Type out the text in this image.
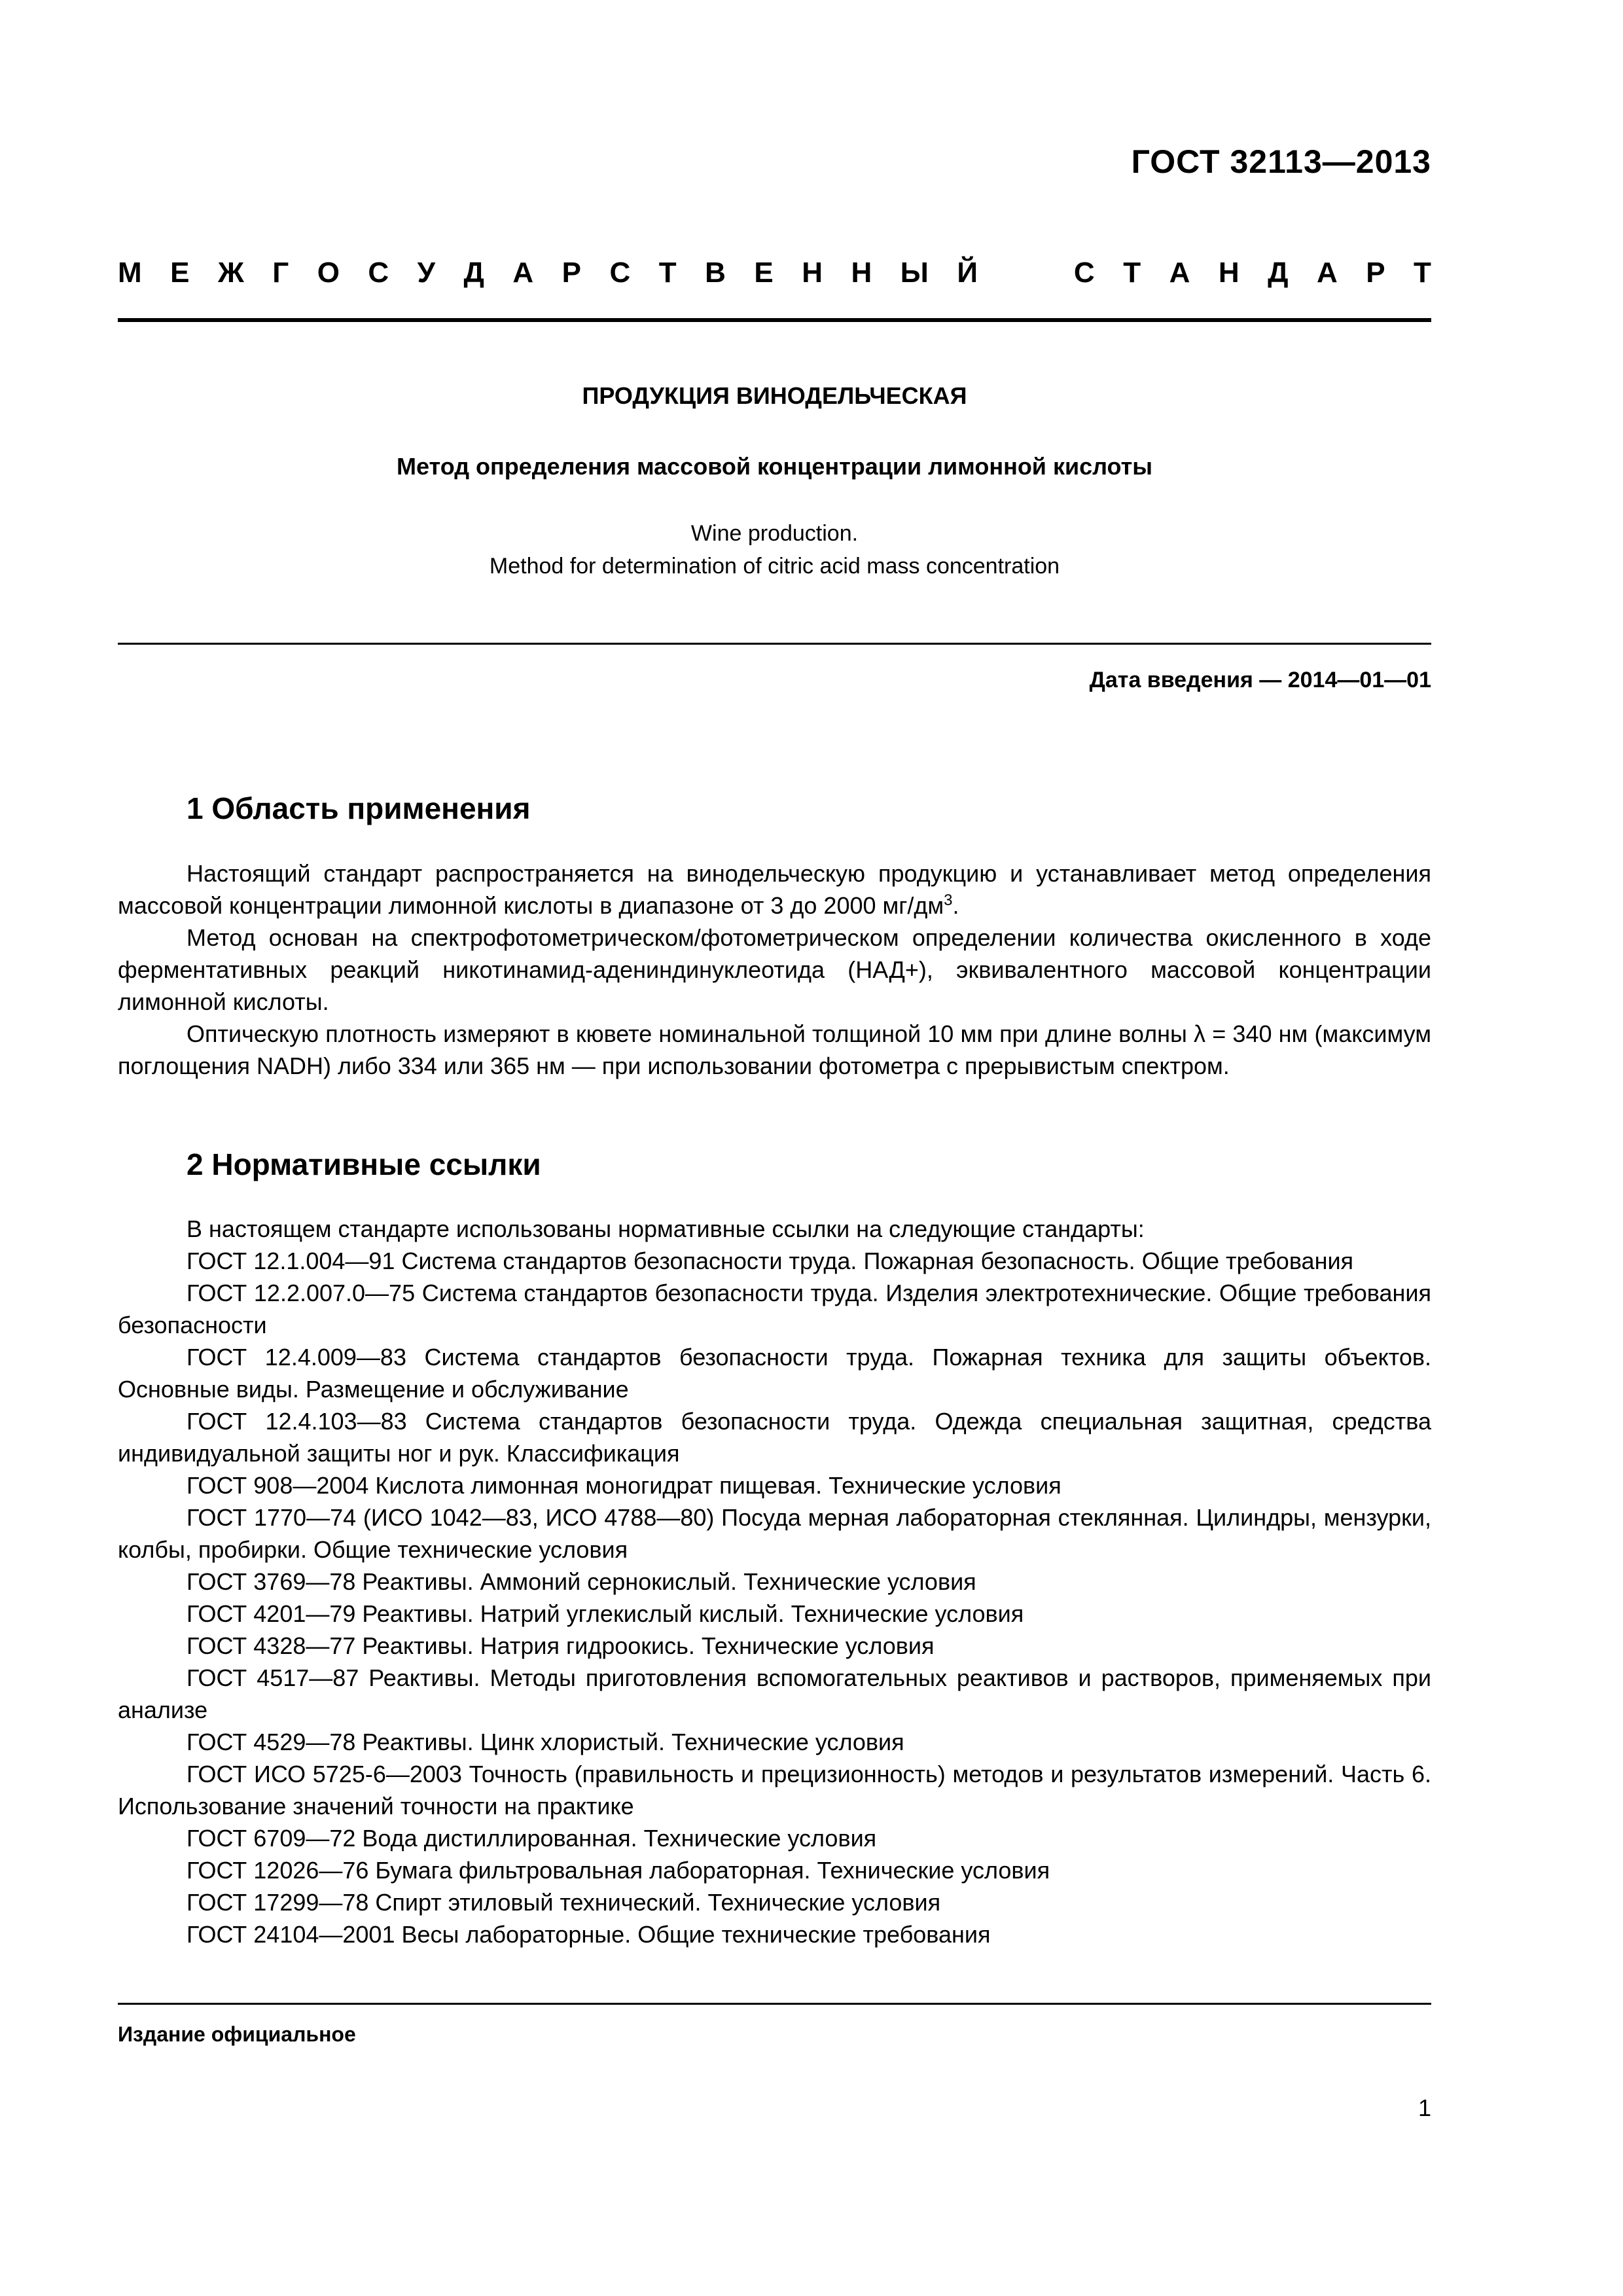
ГОСТ 32113—2013
М Е Ж Г О С У Д А Р С Т В Е Н Н Ы Й	С Т А Н Д А Р Т
ПРОДУКЦИЯ ВИНОДЕЛЬЧЕСКАЯ
Метод определения массовой концентрации лимонной кислоты
Wine production.
Method for determination of citric acid mass concentration
Дата введения — 2014—01—01
1 Область применения
Настоящий стандарт распространяется на винодельческую продукцию и устанавливает метод определения массовой концентрации лимонной кислоты в диапазоне от 3 до 2000 $мг/дм^3$.
Метод основан на спектрофотометрическом/фотометрическом определении количества окисленного в ходе ферментативных реакций никотинамид-адениндинуклеотида (НАД+), эквивалентного массовой концентрации лимонной кислоты.
Оптическую плотность измеряют в кювете номинальной толщиной 10 мм при длине волны λ = 340 нм (максимум поглощения NADH) либо 334 или 365 нм — при использовании фотометра с прерывистым спектром.
2 Нормативные ссылки
В настоящем стандарте использованы нормативные ссылки на следующие стандарты:
ГОСТ 12.1.004—91 Система стандартов безопасности труда. Пожарная безопасность. Общие требования
ГОСТ 12.2.007.0—75 Система стандартов безопасности труда. Изделия электротехнические. Общие требования безопасности
ГОСТ 12.4.009—83 Система стандартов безопасности труда. Пожарная техника для защиты объектов. Основные виды. Размещение и обслуживание
ГОСТ 12.4.103—83 Система стандартов безопасности труда. Одежда специальная защитная, средства индивидуальной защиты ног и рук. Классификация
ГОСТ 908—2004 Кислота лимонная моногидрат пищевая. Технические условия
ГОСТ 1770—74 (ИСО 1042—83, ИСО 4788—80) Посуда мерная лабораторная стеклянная. Цилиндры, мензурки, колбы, пробирки. Общие технические условия
ГОСТ 3769—78 Реактивы. Аммоний сернокислый. Технические условия
ГОСТ 4201—79 Реактивы. Натрий углекислый кислый. Технические условия
ГОСТ 4328—77 Реактивы. Натрия гидроокись. Технические условия
ГОСТ 4517—87 Реактивы. Методы приготовления вспомогательных реактивов и растворов, применяемых при анализе
ГОСТ 4529—78 Реактивы. Цинк хлористый. Технические условия
ГОСТ ИСО 5725-6—2003 Точность (правильность и прецизионность) методов и результатов измерений. Часть 6. Использование значений точности на практике
ГОСТ 6709—72 Вода дистиллированная. Технические условия
ГОСТ 12026—76 Бумага фильтровальная лабораторная. Технические условия
ГОСТ 17299—78 Спирт этиловый технический. Технические условия
ГОСТ 24104—2001 Весы лабораторные. Общие технические требования
Издание официальное
1
